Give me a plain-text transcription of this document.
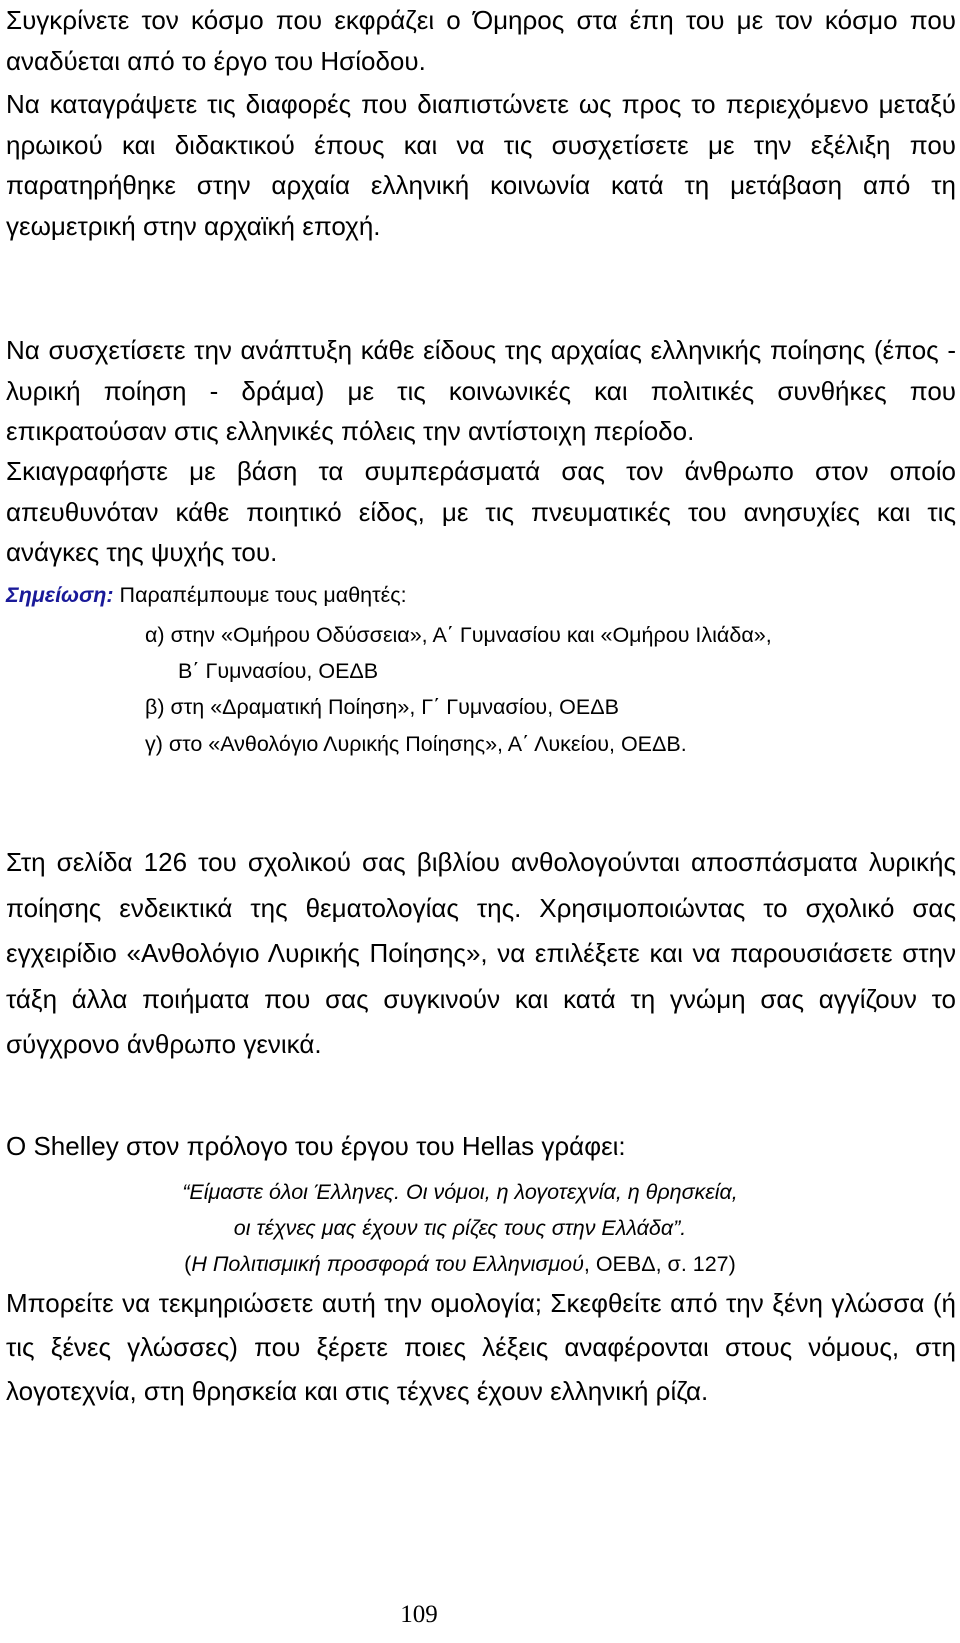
Συγκρίνετε τον κόσμο που εκφράζει ο Όμηρος στα έπη του με τον κόσμο που αναδύεται από το έργο του Ησίοδου.

Να καταγράψετε τις διαφορές που διαπιστώνετε ως προς το περιεχόμενο μεταξύ ηρωικού και διδακτικού έπους και να τις συσχετίσετε με την εξέλιξη που παρατηρήθηκε στην αρχαία ελληνική κοινωνία κατά τη μετάβαση από τη γεωμετρική στην αρχαϊκή εποχή.

Να συσχετίσετε την ανάπτυξη κάθε είδους της αρχαίας ελληνικής ποίησης (έπος - λυρική ποίηση - δράμα) με τις κοινωνικές και πολιτικές συνθήκες που επικρατούσαν στις ελληνικές πόλεις την αντίστοιχη περίοδο.

Σκιαγραφήστε με βάση τα συμπεράσματά σας τον άνθρωπο στον οποίο απευθυνόταν κάθε ποιητικό είδος, με τις πνευματικές του ανησυχίες και τις ανάγκες της ψυχής του.

Σημείωση: Παραπέμπουμε τους μαθητές:
α) στην «Ομήρου Οδύσσεια», Α΄ Γυμνασίου και «Ομήρου Ιλιάδα»,
Β΄ Γυμνασίου, ΟΕΔΒ
β) στη «Δραματική Ποίηση», Γ΄ Γυμνασίου, ΟΕΔΒ
γ) στο «Ανθολόγιο Λυρικής Ποίησης», Α΄ Λυκείου, ΟΕΔΒ.

Στη σελίδα 126 του σχολικού σας βιβλίου ανθολογούνται αποσπάσματα λυρικής ποίησης ενδεικτικά της θεματολογίας της. Χρησιμοποιώντας το σχολικό σας εγχειρίδιο «Ανθολόγιο Λυρικής Ποίησης», να επιλέξετε και να παρουσιάσετε στην τάξη άλλα ποιήματα που σας συγκινούν και κατά τη γνώμη σας αγγίζουν το σύγχρονο άνθρωπο γενικά.

Ο Shelley στον πρόλογο του έργου του Hellas γράφει:

“Είμαστε όλοι Έλληνες. Οι νόμοι, η λογοτεχνία, η θρησκεία,
οι τέχνες μας έχουν τις ρίζες τους στην Ελλάδα”.
(Η Πολιτισμική προσφορά του Ελληνισμού, ΟΕΒΔ, σ. 127)

Μπορείτε να τεκμηριώσετε αυτή την ομολογία; Σκεφθείτε από την ξένη γλώσσα (ή τις ξένες γλώσσες) που ξέρετε ποιες λέξεις αναφέρονται στους νόμους, στη λογοτεχνία, στη θρησκεία και στις τέχνες έχουν ελληνική ρίζα.

109
